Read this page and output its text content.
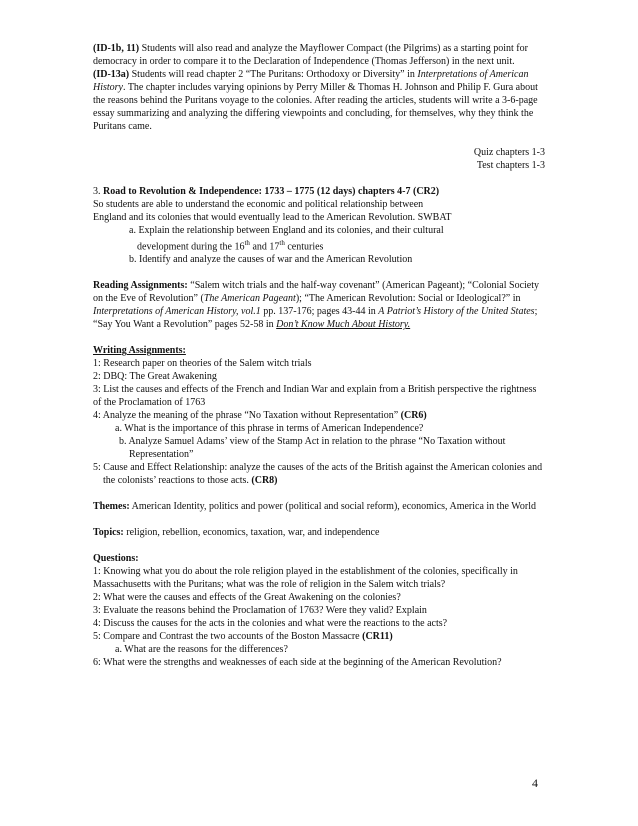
(ID-1b, 11) Students will also read and analyze the Mayflower Compact (the Pilgrims) as a starting point for democracy in order to compare it to the Declaration of Independence (Thomas Jefferson) in the next unit.

(ID-13a) Students will read chapter 2 “The Puritans: Orthodoxy or Diversity” in Interpretations of American History. The chapter includes varying opinions by Perry Miller & Thomas H. Johnson and Philip F. Gura about the reasons behind the Puritans voyage to the colonies. After reading the articles, students will write a 3-6-page essay summarizing and analyzing the differing viewpoints and concluding, for themselves, why they think the Puritans came.

Quiz chapters 1-3

Test chapters 1-3

3. Road to Revolution & Independence: 1733 – 1775 (12 days) chapters 4-7 (CR2)

So students are able to understand the economic and political relationship between

England and its colonies that would eventually lead to the American Revolution. SWBAT

a. Explain the relationship between England and its colonies, and their cultural

development during the 16th and 17th centuries

b. Identify and analyze the causes of war and the American Revolution

Reading Assignments: “Salem witch trials and the half-way covenant” (American Pageant); “Colonial Society on the Eve of Revolution” (The American Pageant); “The American Revolution: Social or Ideological?” in Interpretations of American History, vol.1 pp. 137-176; pages 43-44 in A Patriot’s History of the United States; “Say You Want a Revolution” pages 52-58 in Don’t Know Much About History.

Writing Assignments:

1: Research paper on theories of the Salem witch trials

2: DBQ: The Great Awakening

3: List the causes and effects of the French and Indian War and explain from a British perspective the rightness of the Proclamation of 1763

4: Analyze the meaning of the phrase “No Taxation without Representation” (CR6)

a. What is the importance of this phrase in terms of American Independence?

b. Analyze Samuel Adams’ view of the Stamp Act in relation to the phrase “No Taxation without Representation”

5: Cause and Effect Relationship: analyze the causes of the acts of the British against the American colonies and the colonists’ reactions to those acts. (CR8)

Themes: American Identity, politics and power (political and social reform), economics, America in the World

Topics: religion, rebellion, economics, taxation, war, and independence

Questions:

1: Knowing what you do about the role religion played in the establishment of the colonies, specifically in Massachusetts with the Puritans; what was the role of religion in the Salem witch trials?

2: What were the causes and effects of the Great Awakening on the colonies?

3: Evaluate the reasons behind the Proclamation of 1763? Were they valid? Explain

4: Discuss the causes for the acts in the colonies and what were the reactions to the acts?

5: Compare and Contrast the two accounts of the Boston Massacre (CR11)

a. What are the reasons for the differences?

6: What were the strengths and weaknesses of each side at the beginning of the American Revolution?

4
